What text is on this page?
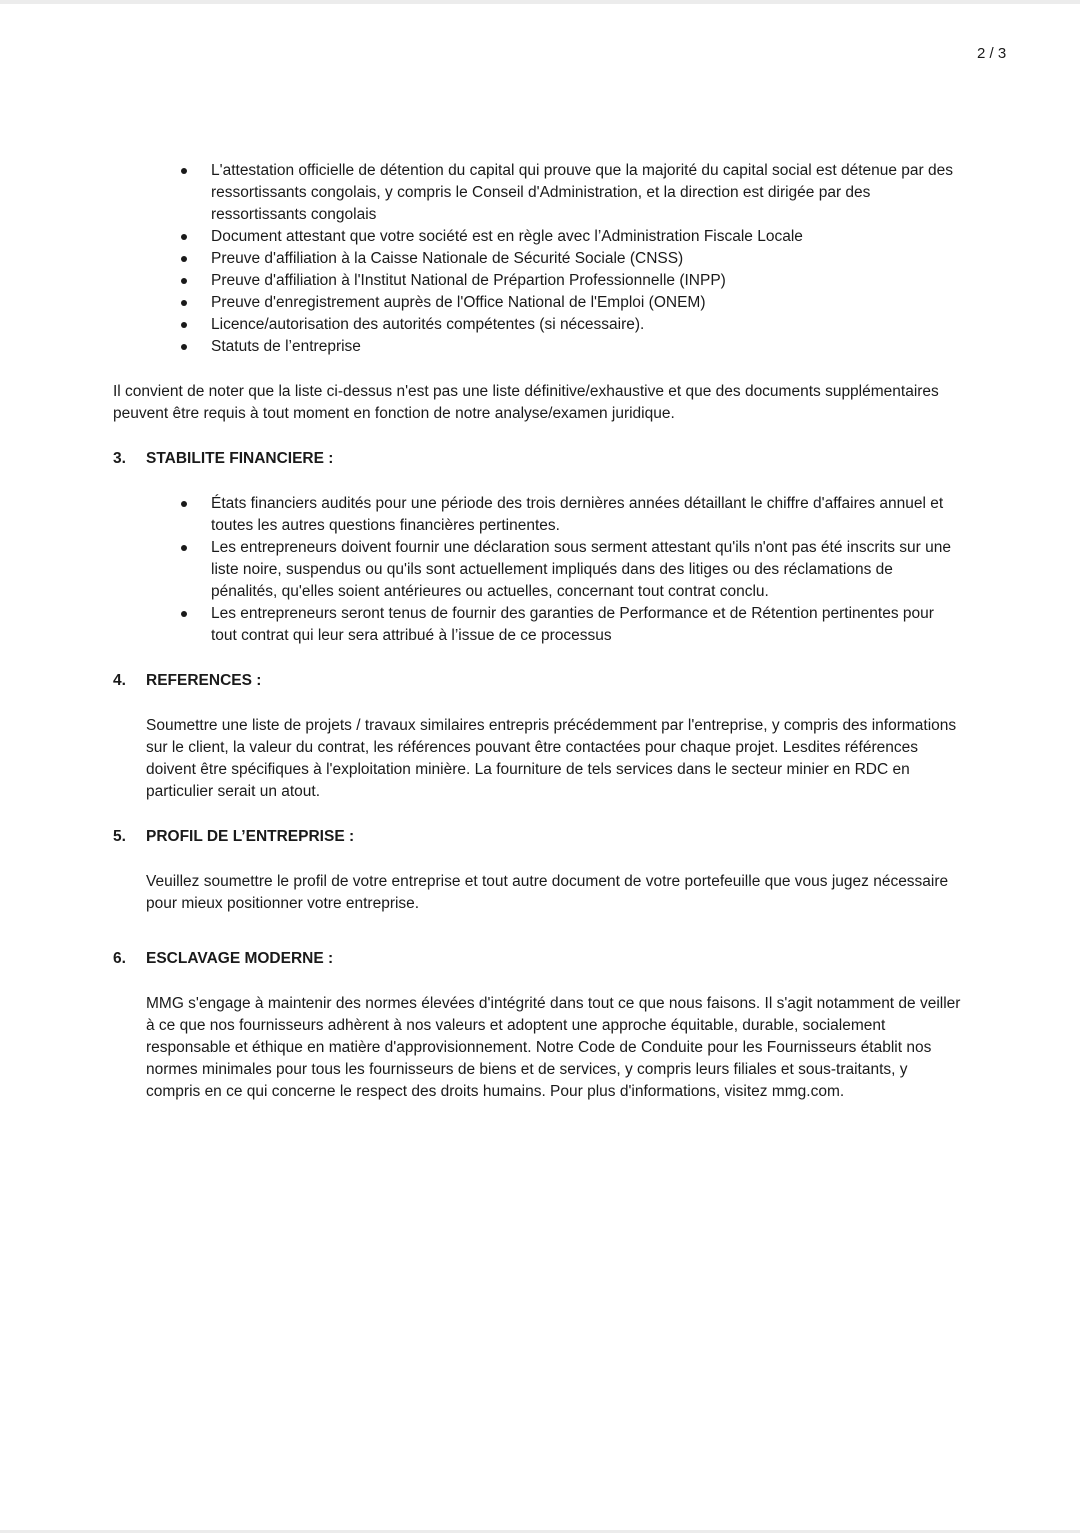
2 / 3
L'attestation officielle de détention du capital qui prouve que la majorité du capital social est détenue par des ressortissants congolais, y compris le Conseil d'Administration, et la direction est dirigée par des ressortissants congolais
Document attestant que votre société est en règle avec l’Administration Fiscale Locale
Preuve d'affiliation à la Caisse Nationale de Sécurité Sociale (CNSS)
Preuve d'affiliation à l'Institut National de Prépartion Professionnelle (INPP)
Preuve d'enregistrement auprès de l'Office National de l'Emploi (ONEM)
Licence/autorisation des autorités compétentes (si nécessaire).
Statuts de l’entreprise

Il convient de noter que la liste ci-dessus n'est pas une liste définitive/exhaustive et que des documents supplémentaires peuvent être requis à tout moment en fonction de notre analyse/examen juridique.

3.	STABILITE FINANCIERE :
États financiers audités pour une période des trois dernières années détaillant le chiffre d'affaires annuel et toutes les autres questions financières pertinentes.
Les entrepreneurs doivent fournir une déclaration sous serment attestant qu'ils n'ont pas été inscrits sur une liste noire, suspendus ou qu'ils sont actuellement impliqués dans des litiges ou des réclamations de pénalités, qu'elles soient antérieures ou actuelles, concernant tout contrat conclu.
Les entrepreneurs seront tenus de fournir des garanties de Performance et de Rétention pertinentes pour tout contrat qui leur sera attribué à l’issue de ce processus
4.	REFERENCES :

Soumettre une liste de projets / travaux similaires entrepris précédemment par l'entreprise, y compris des informations sur le client, la valeur du contrat, les références pouvant être contactées pour chaque projet. Lesdites références doivent être spécifiques à l'exploitation minière. La fourniture de tels services dans le secteur minier en RDC en particulier serait un atout.

5.	PROFIL DE L’ENTREPRISE :

Veuillez soumettre le profil de votre entreprise et tout autre document de votre portefeuille que vous jugez nécessaire pour mieux positionner votre entreprise.

6.	ESCLAVAGE MODERNE :

MMG s'engage à maintenir des normes élevées d'intégrité dans tout ce que nous faisons. Il s'agit notamment de veiller à ce que nos fournisseurs adhèrent à nos valeurs et adoptent une approche équitable, durable, socialement responsable et éthique en matière d'approvisionnement. Notre Code de Conduite pour les Fournisseurs établit nos normes minimales pour tous les fournisseurs de biens et de services, y compris leurs filiales et sous-traitants, y compris en ce qui concerne le respect des droits humains. Pour plus d'informations, visitez mmg.com.
